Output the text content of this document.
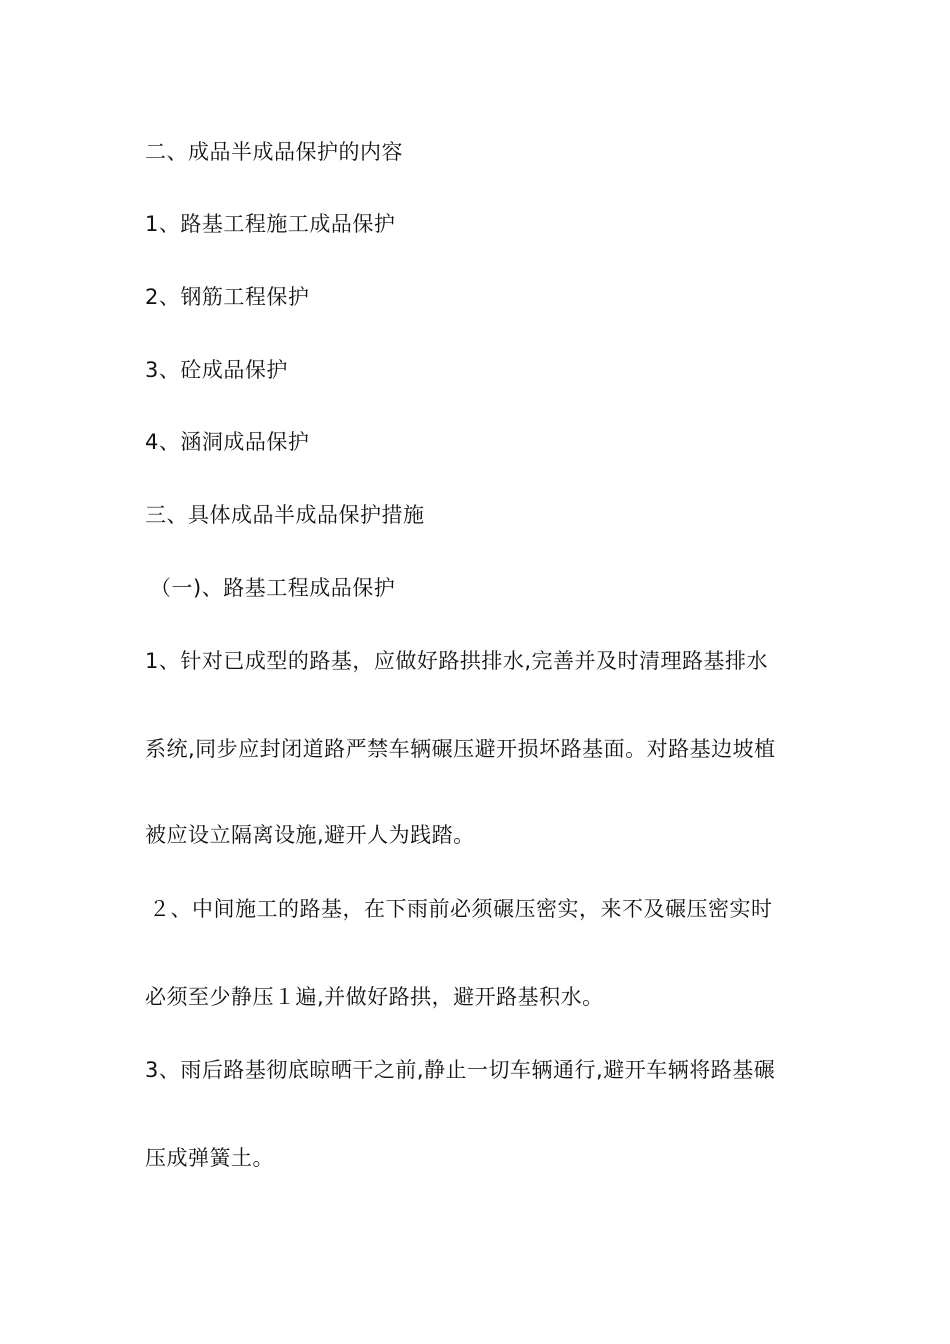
二、成品半成品保护的内容
1、路基工程施工成品保护
2、钢筋工程保护
3、砼成品保护
4、涵洞成品保护
三、具体成品半成品保护措施
（一)、路基工程成品保护
1、针对已成型的路基，应做好路拱排水,完善并及时清理路基排水
系统,同步应封闭道路严禁车辆碾压避开损坏路基面。对路基边坡植
被应设立隔离设施,避开人为践踏。
２、中间施工的路基，在下雨前必须碾压密实，来不及碾压密实时
必须至少静压１遍,并做好路拱，避开路基积水。
3、雨后路基彻底晾晒干之前,静止一切车辆通行,避开车辆将路基碾
压成弹簧土。
